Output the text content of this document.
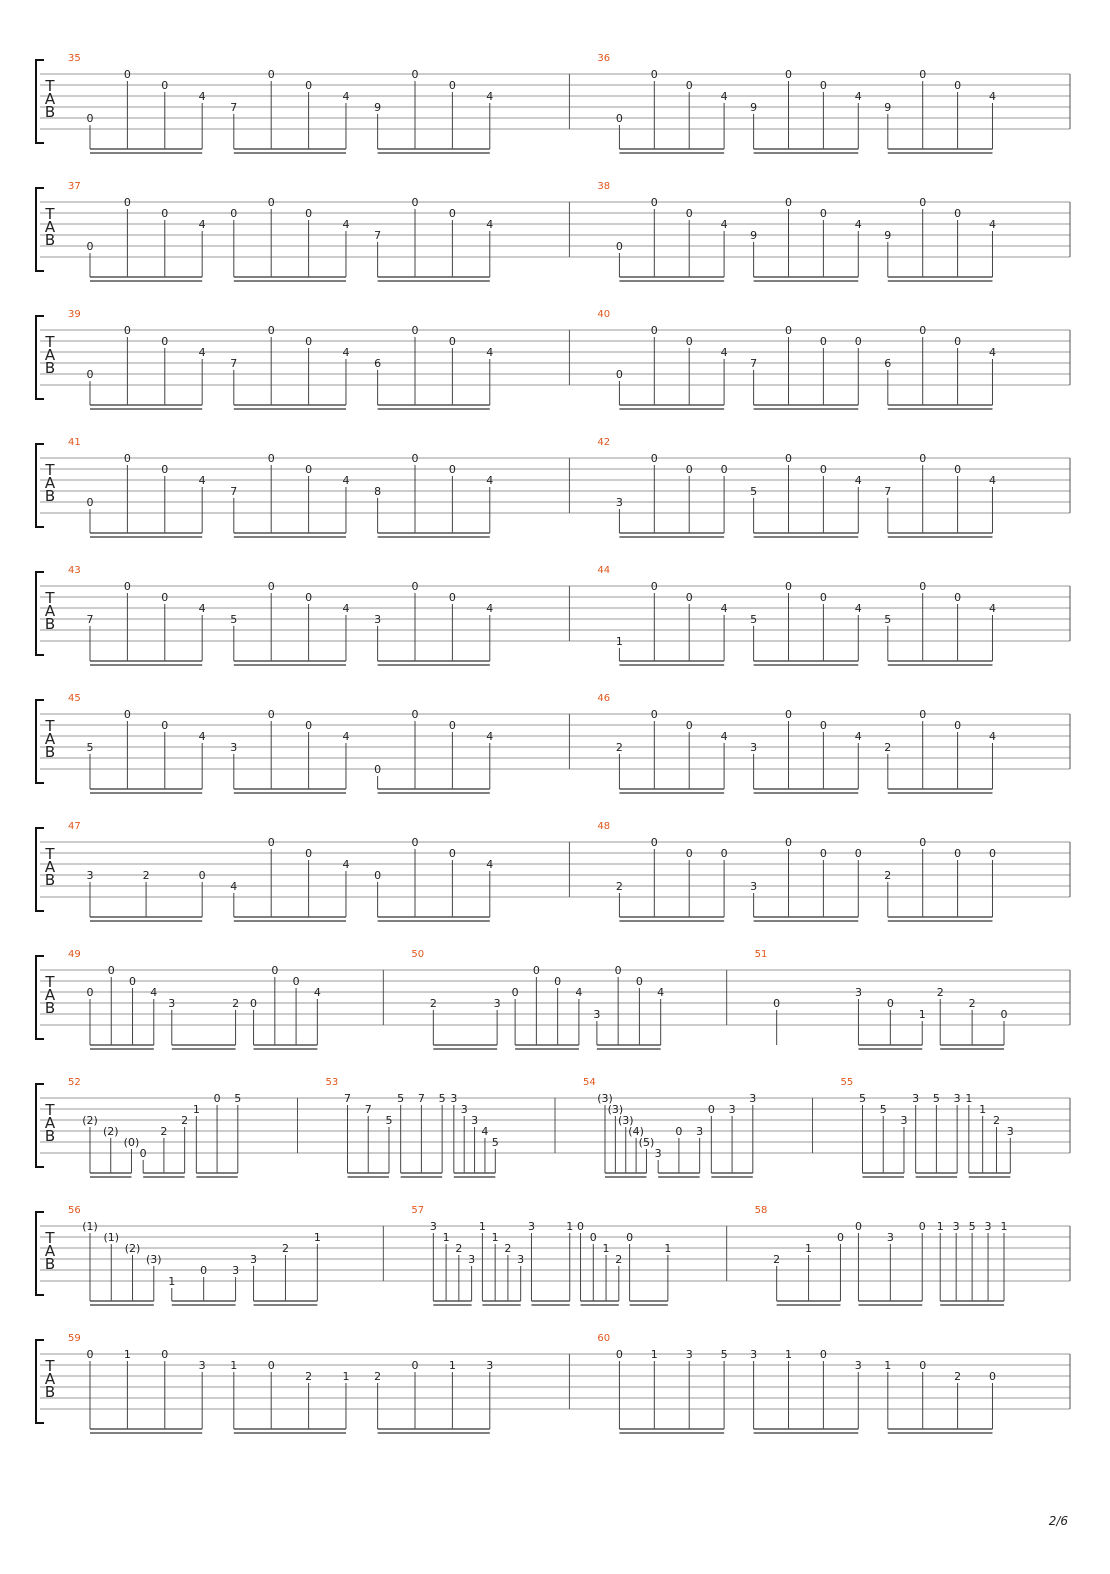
T
A
B
35
0
0
0
4
7
0
0
4
9
0
0
4
36
0
0
0
4
9
0
0
4
9
0
0
4
T
A
B
37
0
0
0
4
0
0
0
4
7
0
0
4
38
0
0
0
4
9
0
0
4
9
0
0
4
T
A
B
39
0
0
0
4
7
0
0
4
6
0
0
4
40
0
0
0
4
7
0
0	0
6
0
0
4
T
A
B
41
0
0
0
4
7
0
0
4
8
0
0
4
42
3
0
0	0
5
0
0
4
7
0
0
4
T
A
B
43
7
0
0
4
5
0
0
4
3
0
0
4
44
1
0
0
4
5
0
0
4
5
0
0
4
T
A
B
45
5
0
0
4
3
0
0
4
0
0
0
4
46
2
0
0
4
3
0
0
4
2
0
0
4
T
A
B
47
3	2	0
4
0
0
4
0
0
0
4
48
2
0
0	0
3
0
0	0
2
0
0	0
T
A
B
49
0
0
0
4
3	2 0
0
0
4
50
2	3
0
0
0
4
3
0
0
4
51
0
3
0
1
2
2
0
T
A
B
52
(2)
(2)
(0)
0
2
2
1
0 5
53
7
7
5
5 7 5 3
3
3
4
5
54
(3)
(3)
(3)
(4)
(5)
3
0 3
0 3
3
55
5
5
3
3 5 3 1
1
2
3
T
A
B
56
(1)
(1)
(2)
(3)
1
0 3
3
2
1
57
3
1
2
3
1
1
2
3
3	1 0
0
1
2
0
1
58
2
1
0
0
3
0 1 3 5 3 1
T
A
B
59
0	1	0
3 1	0
2	1 2
0	1	3
60
0	1	3	5 3	1	0
3 1	0
2	0
2/6
